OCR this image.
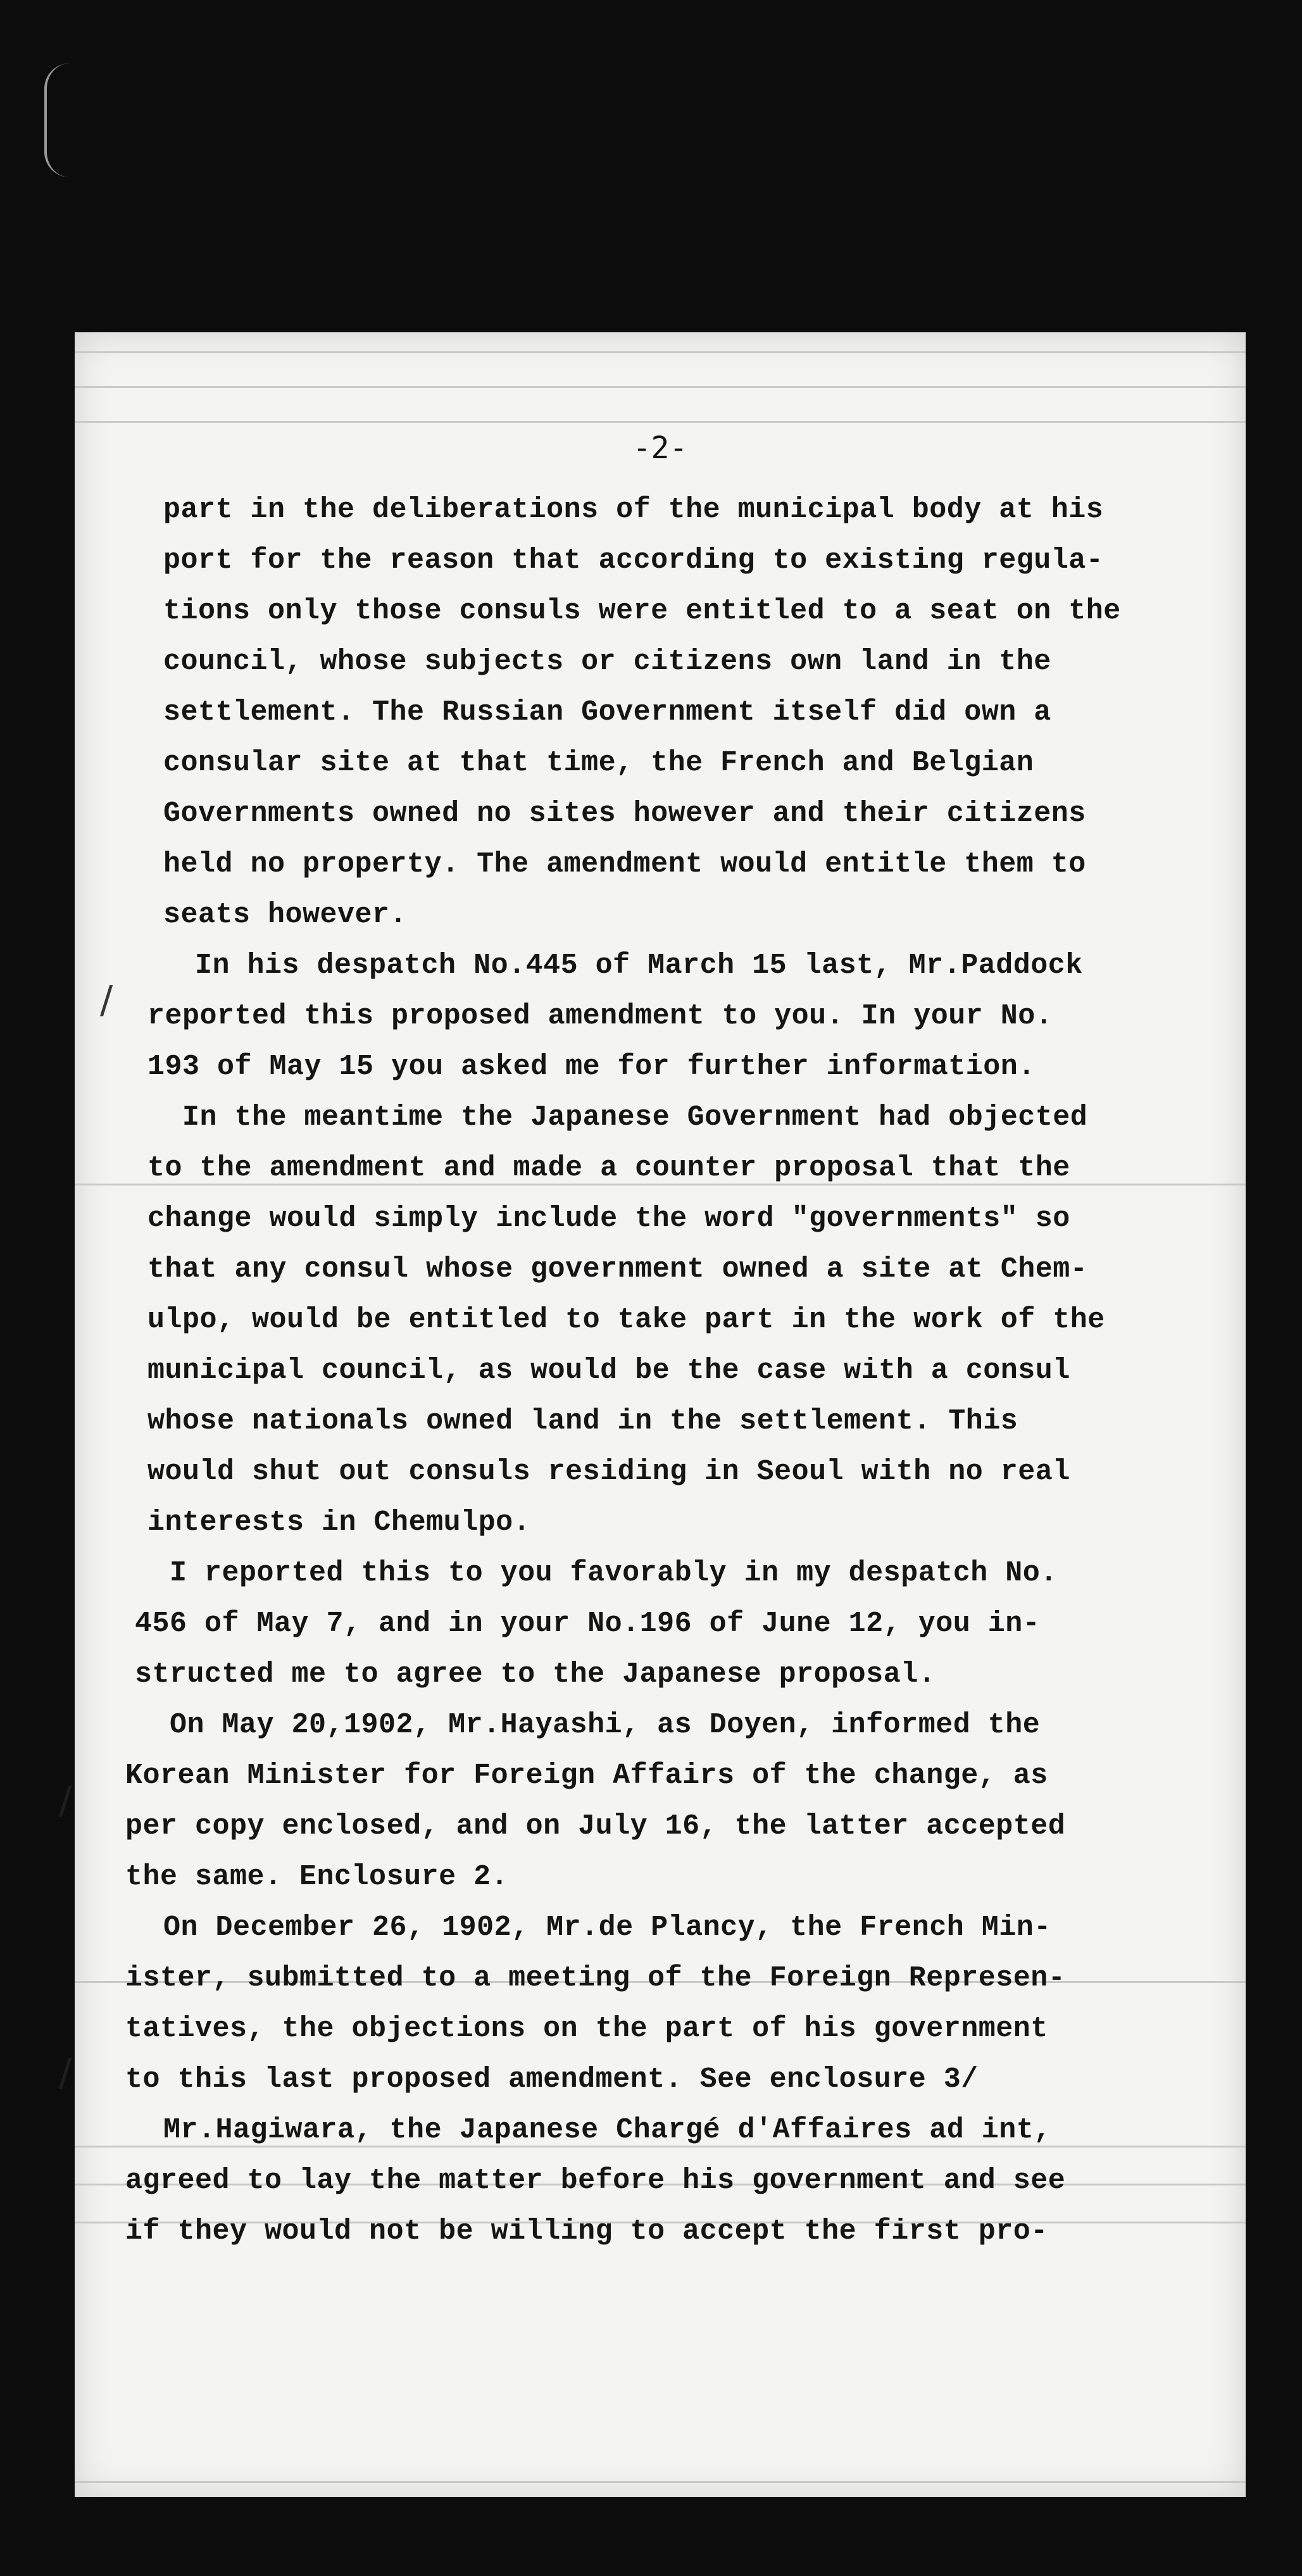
-2-
part in the deliberations of the municipal body at his
port for the reason that according to existing regula-
tions only those consuls were entitled to a seat on the
council, whose subjects or citizens own land in the
settlement. The Russian Government itself did own a
consular site at that time, the French and Belgian
Governments owned no sites however and their citizens
held no property. The amendment would entitle them to
seats however.
In his despatch No.445 of March 15 last, Mr.Paddock
reported this proposed amendment to you. In your No.
193 of May 15 you asked me for further information.
In the meantime the Japanese Government had objected
to the amendment and made a counter proposal that the
change would simply include the word "governments" so
that any consul whose government owned a site at Chem-
ulpo, would be entitled to take part in the work of the
municipal council, as would be the case with a consul
whose nationals owned land in the settlement. This
would shut out consuls residing in Seoul with no real
interests in Chemulpo.
I reported this to you favorably in my despatch No.
456 of May 7, and in your No.196 of June 12, you in-
structed me to agree to the Japanese proposal.
On May 20,1902, Mr.Hayashi, as Doyen, informed the
Korean Minister for Foreign Affairs of the change, as
per copy enclosed, and on July 16, the latter accepted
the same. Enclosure 2.
On December 26, 1902, Mr.de Plancy, the French Min-
ister, submitted to a meeting of the Foreign Represen-
tatives, the objections on the part of his government
to this last proposed amendment. See enclosure 3/
Mr.Hagiwara, the Japanese Chargé d'Affaires ad int,
agreed to lay the matter before his government and see
if they would not be willing to accept the first pro-
/
/
/
